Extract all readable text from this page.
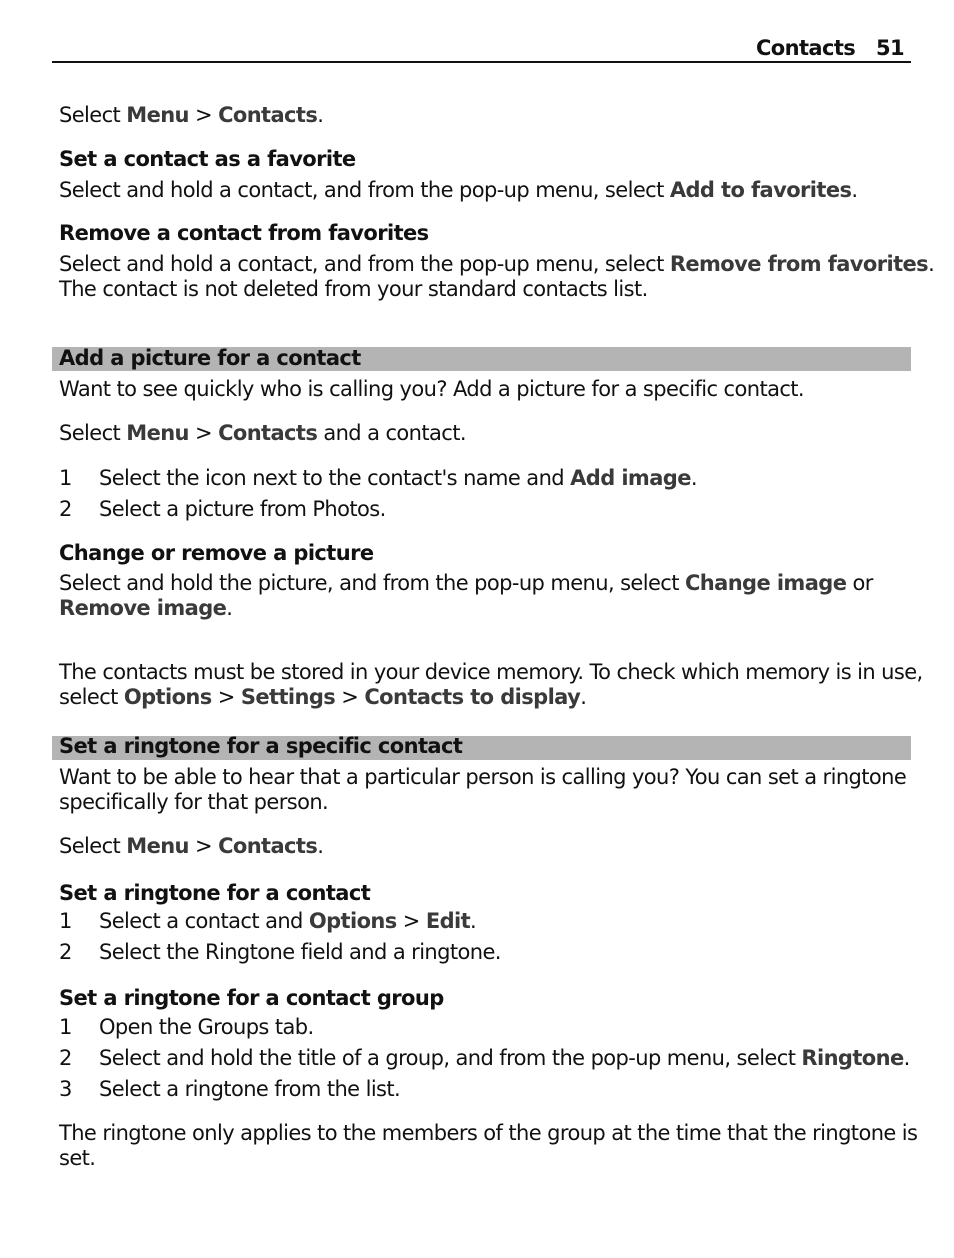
Contacts 51
Select Menu > Contacts.
Set a contact as a favorite
Select and hold a contact, and from the pop-up menu, select Add to favorites.
Remove a contact from favorites
Select and hold a contact, and from the pop-up menu, select Remove from favorites.
The contact is not deleted from your standard contacts list.
Add a picture for a contact
Want to see quickly who is calling you? Add a picture for a specific contact.
Select Menu > Contacts and a contact.
1 Select the icon next to the contact's name and Add image.
2 Select a picture from Photos.
Change or remove a picture
Select and hold the picture, and from the pop-up menu, select Change image or
Remove image.
The contacts must be stored in your device memory. To check which memory is in use,
select Options > Settings > Contacts to display.
Set a ringtone for a specific contact
Want to be able to hear that a particular person is calling you? You can set a ringtone
specifically for that person.
Select Menu > Contacts.
Set a ringtone for a contact
1 Select a contact and Options > Edit.
2 Select the Ringtone field and a ringtone.
Set a ringtone for a contact group
1 Open the Groups tab.
2 Select and hold the title of a group, and from the pop-up menu, select Ringtone.
3 Select a ringtone from the list.
The ringtone only applies to the members of the group at the time that the ringtone is
set.
